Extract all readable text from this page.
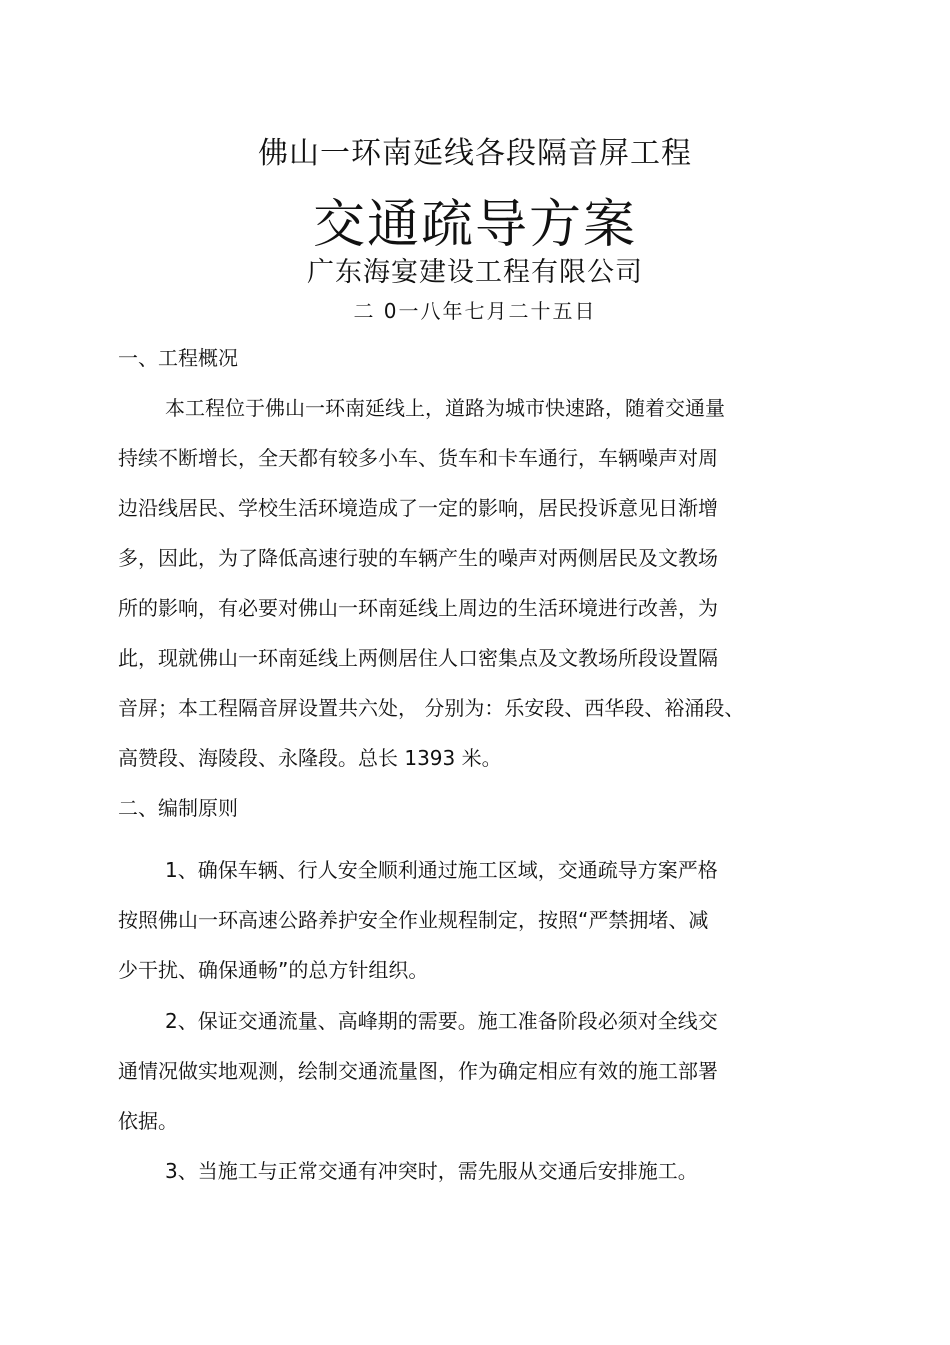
佛山一环南延线各段隔音屏工程
交通疏导方案
广东海宴建设工程有限公司
二 0一八年七月二十五日
一、工程概况
本工程位于佛山一环南延线上，道路为城市快速路，随着交通量
持续不断增长，全天都有较多小车、货车和卡车通行，车辆噪声对周
边沿线居民、学校生活环境造成了一定的影响，居民投诉意见日渐增
多，因此，为了降低高速行驶的车辆产生的噪声对两侧居民及文教场
所的影响，有必要对佛山一环南延线上周边的生活环境进行改善，为
此，现就佛山一环南延线上两侧居住人口密集点及文教场所段设置隔
音屏；本工程隔音屏设置共六处， 分别为：乐安段、西华段、裕涌段、
高赞段、海陵段、永隆段。总长 1393 米。
二、编制原则
1、确保车辆、行人安全顺利通过施工区域，交通疏导方案严格
按照佛山一环高速公路养护安全作业规程制定，按照“严禁拥堵、减
少干扰、确保通畅”的总方针组织。
2、保证交通流量、高峰期的需要。施工准备阶段必须对全线交
通情况做实地观测，绘制交通流量图，作为确定相应有效的施工部署
依据。
3、当施工与正常交通有冲突时，需先服从交通后安排施工。
